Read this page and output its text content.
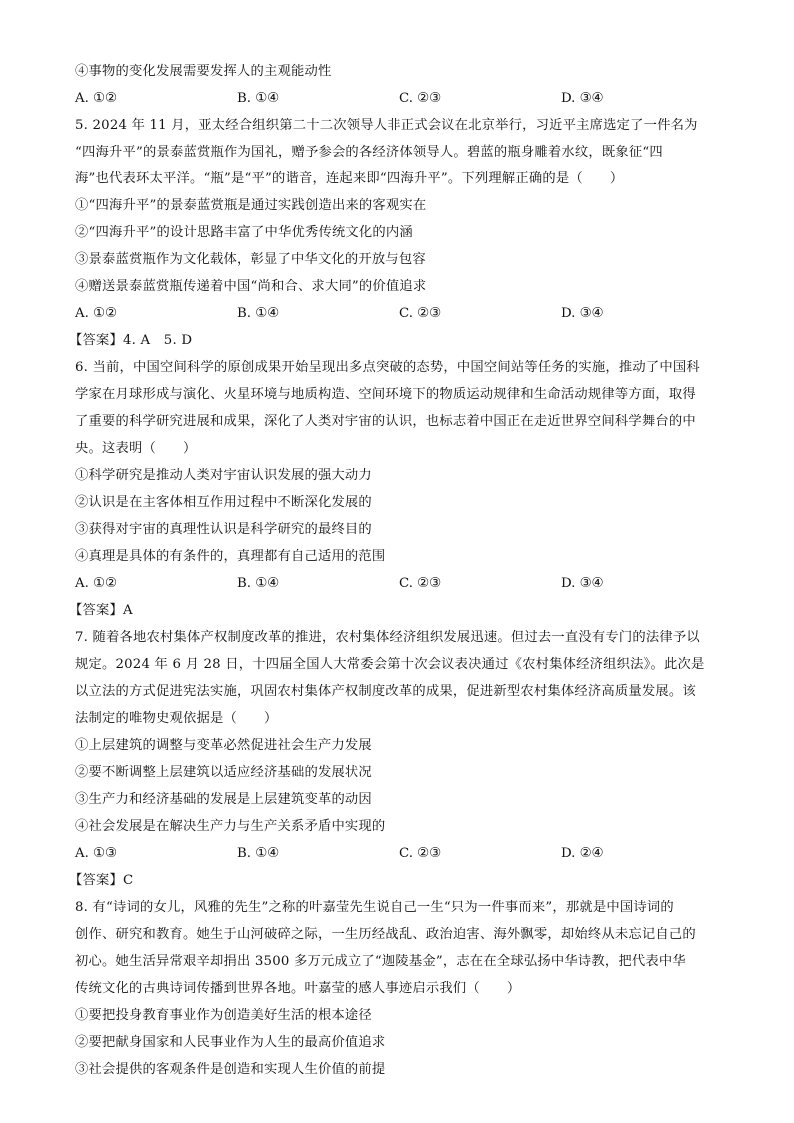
④事物的变化发展需要发挥人的主观能动性
A. ①②	B. ①④	C. ②③	D. ③④
5. 2024 年 11 月，亚太经合组织第二十二次领导人非正式会议在北京举行，习近平主席选定了一件名为
“四海升平”的景泰蓝赏瓶作为国礼，赠予参会的各经济体领导人。碧蓝的瓶身雕着水纹，既象征“四
海”也代表环太平洋。“瓶”是“平”的谐音，连起来即“四海升平”。下列理解正确的是（　　）
①“四海升平”的景泰蓝赏瓶是通过实践创造出来的客观实在
②“四海升平”的设计思路丰富了中华优秀传统文化的内涵
③景泰蓝赏瓶作为文化载体，彰显了中华文化的开放与包容
④赠送景泰蓝赏瓶传递着中国“尚和合、求大同”的价值追求
A. ①②	B. ①④	C. ②③	D. ③④
【答案】4. A　5. D
6. 当前，中国空间科学的原创成果开始呈现出多点突破的态势，中国空间站等任务的实施，推动了中国科
学家在月球形成与演化、火星环境与地质构造、空间环境下的物质运动规律和生命活动规律等方面，取得
了重要的科学研究进展和成果，深化了人类对宇宙的认识，也标志着中国正在走近世界空间科学舞台的中
央。这表明（　　）
①科学研究是推动人类对宇宙认识发展的强大动力
②认识是在主客体相互作用过程中不断深化发展的
③获得对宇宙的真理性认识是科学研究的最终目的
④真理是具体的有条件的，真理都有自己适用的范围
A. ①②	B. ①④	C. ②③	D. ③④
【答案】A
7. 随着各地农村集体产权制度改革的推进，农村集体经济组织发展迅速。但过去一直没有专门的法律予以
规定。2024 年 6 月 28 日，十四届全国人大常委会第十次会议表决通过《农村集体经济组织法》。此次是
以立法的方式促进宪法实施，巩固农村集体产权制度改革的成果，促进新型农村集体经济高质量发展。该
法制定的唯物史观依据是（　　）
①上层建筑的调整与变革必然促进社会生产力发展
②要不断调整上层建筑以适应经济基础的发展状况
③生产力和经济基础的发展是上层建筑变革的动因
④社会发展是在解决生产力与生产关系矛盾中实现的
A. ①③	B. ①④	C. ②③	D. ②④
【答案】C
8. 有“诗词的女儿，风雅的先生”之称的叶嘉莹先生说自己一生“只为一件事而来”，那就是中国诗词的
创作、研究和教育。她生于山河破碎之际，一生历经战乱、政治迫害、海外飘零，却始终从未忘记自己的
初心。她生活异常艰辛却捐出 3500 多万元成立了“迦陵基金”，志在在全球弘扬中华诗教，把代表中华
传统文化的古典诗词传播到世界各地。叶嘉莹的感人事迹启示我们（　　）
①要把投身教育事业作为创造美好生活的根本途径
②要把献身国家和人民事业作为人生的最高价值追求
③社会提供的客观条件是创造和实现人生价值的前提
